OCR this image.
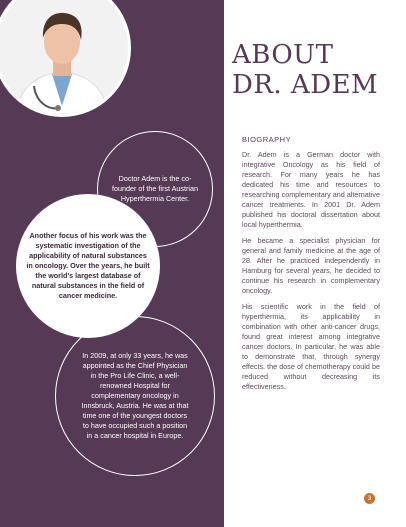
Doctor Adem is the co-founder of the first Austrian Hyperthermia Center.
Another focus of his work was the systematic investigation of the applicability of natural substances in oncology. Over the years, he built the world's largest database of natural substances in the field of cancer medicine.
In 2009, at only 33 years, he was appointed as the Chief Physician in the Pro Life Clinic, a well-renowned Hospital for complementary oncology in Innsbruck, Austria. He was at that time one of the youngest doctors to have occupied such a position in a cancer hospital in Europe.
ABOUT
DR. ADEM
BIOGRAPHY

Dr. Adem is a German doctor with integrative Oncology as his field of research. For many years he has dedicated his time and resources to researching complementary and alternative cancer treatments. In 2001 Dr. Adem published his doctoral dissertation about local hyperthermia.

He became a specialist physician for general and family medicine at the age of 28. After he practiced independently in Hamburg for several years, he decided to continue his research in complementary oncology.

His scientific work in the field of hyperthermia, its applicability in combination with other anti-cancer drugs, found great interest among integrative cancer doctors. In particular, he was able to demonstrate that, through synergy effects, the dose of chemotherapy could be reduced without decreasing its effectiveness.

3
